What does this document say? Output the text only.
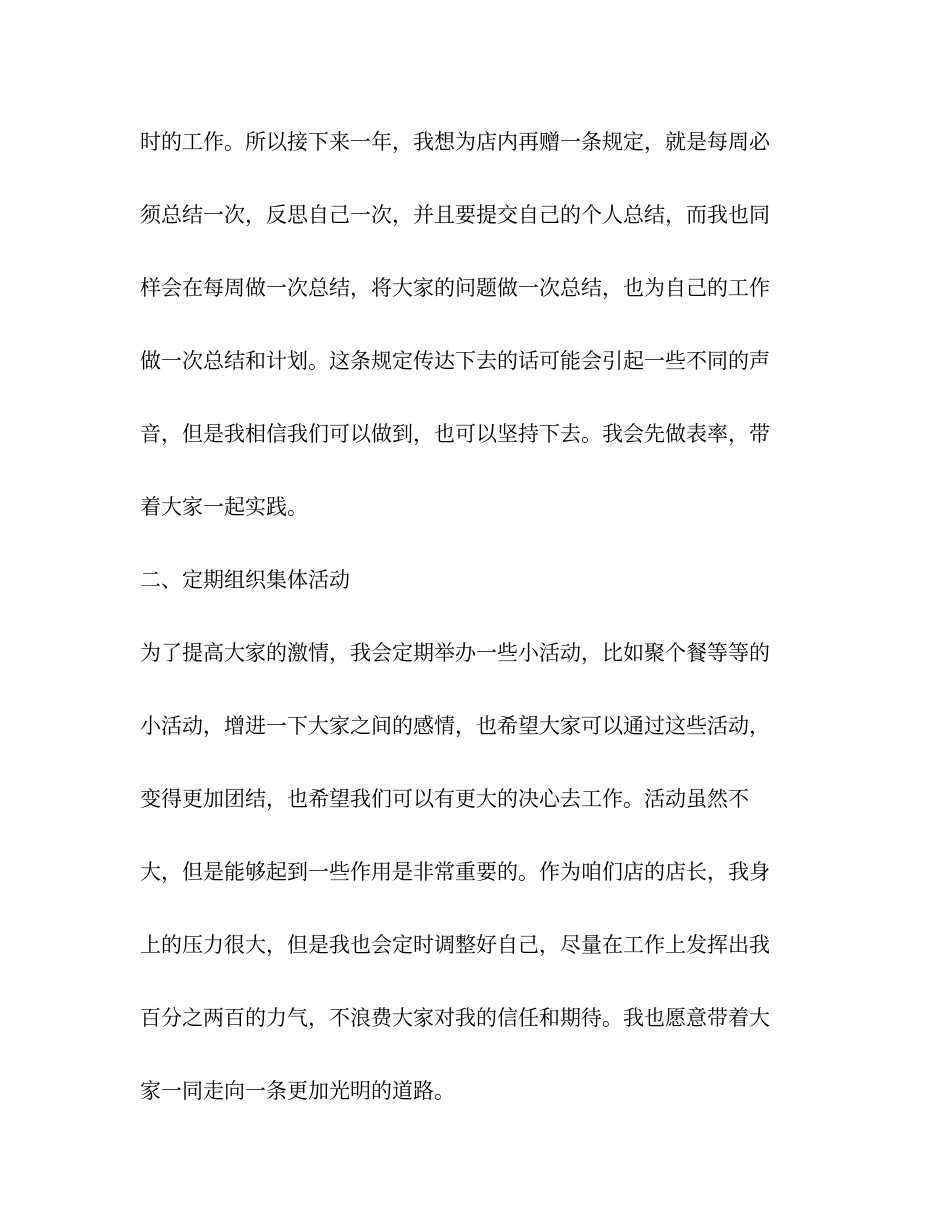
时的工作。所以接下来一年，我想为店内再赠一条规定，就是每周必
须总结一次，反思自己一次，并且要提交自己的个人总结，而我也同
样会在每周做一次总结，将大家的问题做一次总结，也为自己的工作
做一次总结和计划。这条规定传达下去的话可能会引起一些不同的声
音，但是我相信我们可以做到，也可以坚持下去。我会先做表率，带
着大家一起实践。
二、定期组织集体活动
为了提高大家的激情，我会定期举办一些小活动，比如聚个餐等等的
小活动，增进一下大家之间的感情，也希望大家可以通过这些活动，
变得更加团结，也希望我们可以有更大的决心去工作。活动虽然不
大，但是能够起到一些作用是非常重要的。作为咱们店的店长，我身
上的压力很大，但是我也会定时调整好自己，尽量在工作上发挥出我
百分之两百的力气，不浪费大家对我的信任和期待。我也愿意带着大
家一同走向一条更加光明的道路。
